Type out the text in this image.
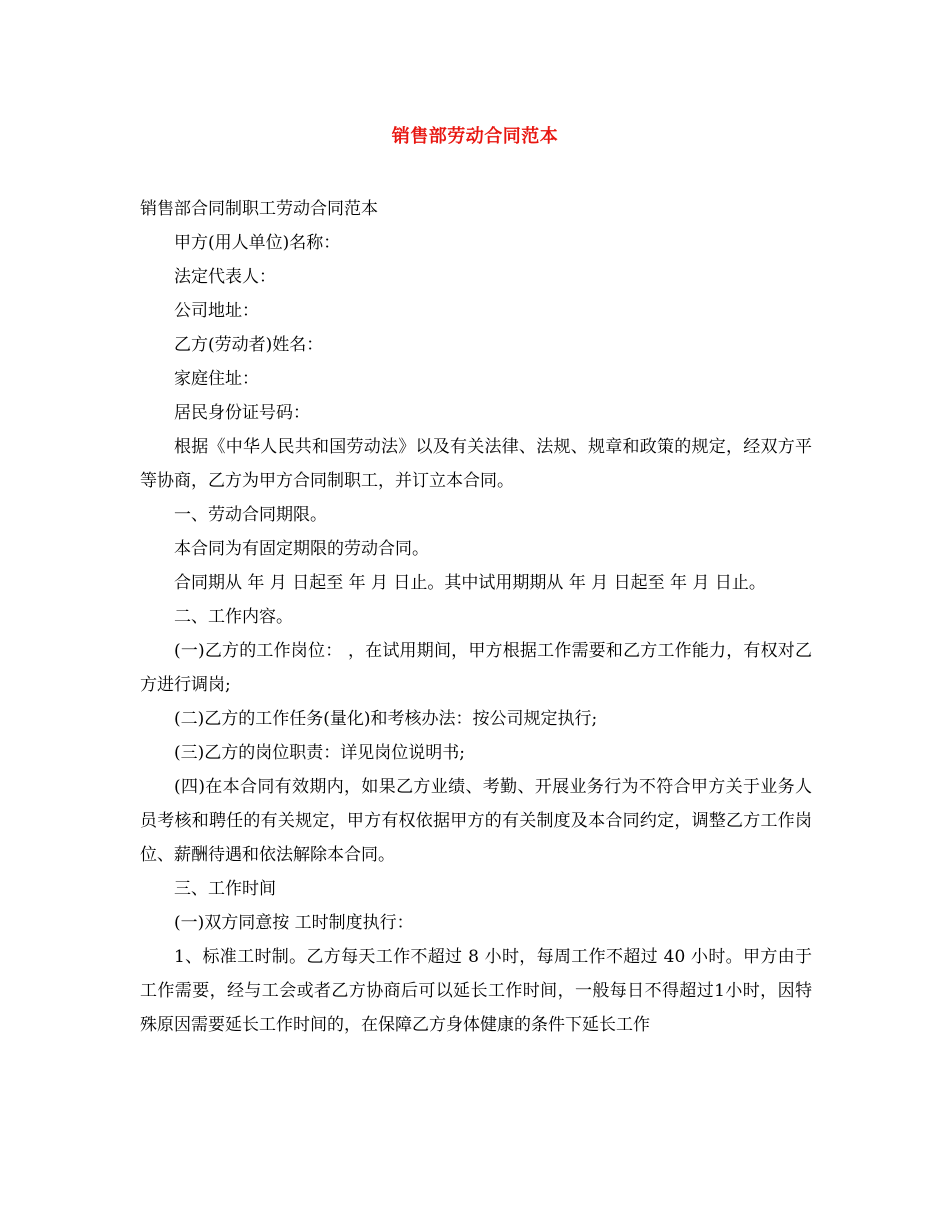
销售部劳动合同范本

销售部合同制职工劳动合同范本

甲方(用人单位)名称：

法定代表人：

公司地址：

乙方(劳动者)姓名：

家庭住址：

居民身份证号码：

根据《中华人民共和国劳动法》以及有关法律、法规、规章和政策的规定，经双方平等协商，乙方为甲方合同制职工，并订立本合同。

一、劳动合同期限。

本合同为有固定期限的劳动合同。

合同期从 年 月 日起至 年 月 日止。其中试用期期从 年 月 日起至 年 月 日止。

二、工作内容。

(一)乙方的工作岗位： ，在试用期间，甲方根据工作需要和乙方工作能力，有权对乙方进行调岗;

(二)乙方的工作任务(量化)和考核办法：按公司规定执行;

(三)乙方的岗位职责：详见岗位说明书;

(四)在本合同有效期内，如果乙方业绩、考勤、开展业务行为不符合甲方关于业务人员考核和聘任的有关规定，甲方有权依据甲方的有关制度及本合同约定，调整乙方工作岗位、薪酬待遇和依法解除本合同。

三、工作时间

(一)双方同意按 工时制度执行：

1、标准工时制。乙方每天工作不超过 8 小时，每周工作不超过 40 小时。甲方由于工作需要，经与工会或者乙方协商后可以延长工作时间，一般每日不得超过1小时，因特殊原因需要延长工作时间的，在保障乙方身体健康的条件下延长工作
